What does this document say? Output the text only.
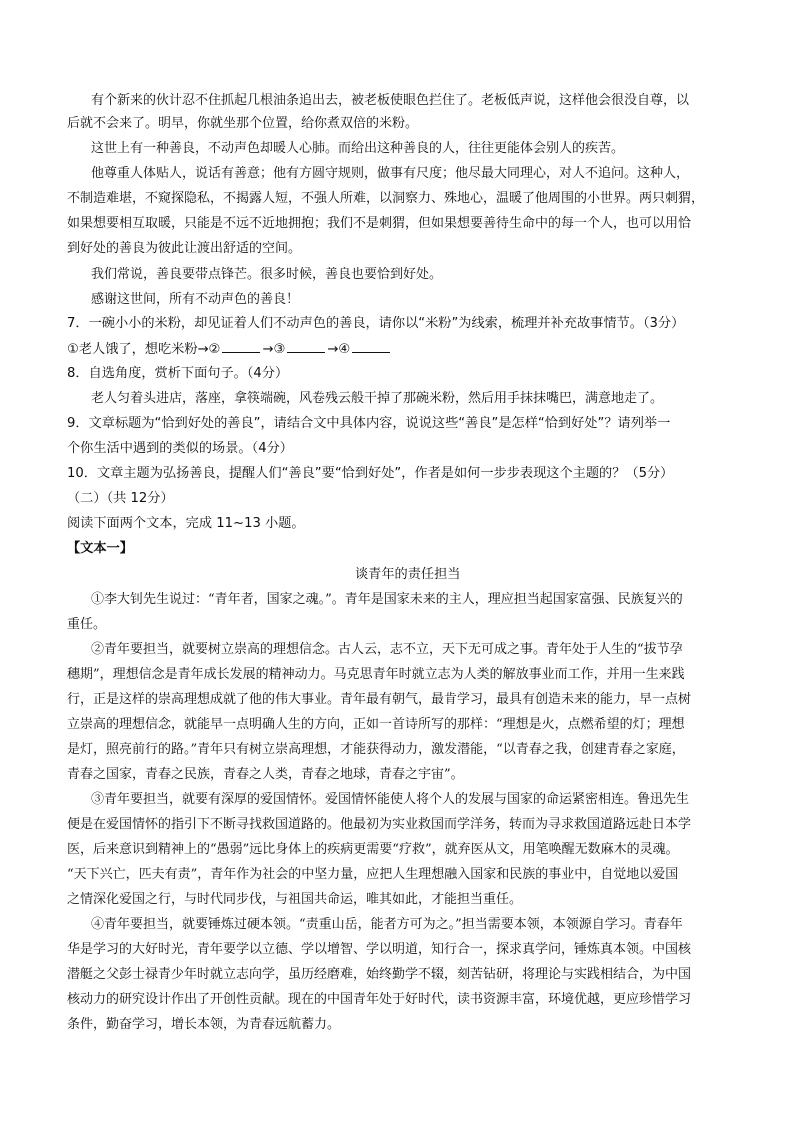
有个新来的伙计忍不住抓起几根油条追出去，被老板使眼色拦住了。老板低声说，这样他会很没自尊，以
后就不会来了。明早，你就坐那个位置，给你煮双倍的米粉。
这世上有一种善良，不动声色却暖人心肺。而给出这种善良的人，往往更能体会别人的疾苦。
他尊重人体贴人，说话有善意；他有方圆守规则，做事有尺度；他尽最大同理心，对人不追问。这种人，
不制造难堪，不窥探隐私，不揭露人短，不强人所难，以洞察力、殊地心，温暖了他周围的小世界。两只刺猬，
如果想要相互取暖，只能是不远不近地拥抱；我们不是刺猬，但如果想要善待生命中的每一个人，也可以用恰
到好处的善良为彼此让渡出舒适的空间。
我们常说，善良要带点锋芒。很多时候，善良也要恰到好处。
感谢这世间，所有不动声色的善良！
7．一碗小小的米粉，却见证着人们不动声色的善良，请你以“米粉”为线索，梳理并补充故事情节。（3分）
①老人饿了，想吃米粉→②	→③	→④
8．自选角度，赏析下面句子。（4分）
老人匀着头进店，落座，拿筷端碗，风卷残云般干掉了那碗米粉，然后用手抹抹嘴巴，满意地走了。
9．文章标题为“恰到好处的善良”，请结合文中具体内容，说说这些“善良”是怎样“恰到好处”？请列举一
个你生活中遇到的类似的场景。（4分）
10．文章主题为弘扬善良，提醒人们“善良”要“恰到好处”，作者是如何一步步表现这个主题的？（5分）
（二）（共 12分）
阅读下面两个文本，完成 11~13 小题。
【文本一】
谈青年的责任担当
①李大钊先生说过：“青年者，国家之魂。”。青年是国家未来的主人，理应担当起国家富强、民族复兴的
重任。
②青年要担当，就要树立崇高的理想信念。古人云，志不立，天下无可成之事。青年处于人生的“拔节孕
穗期”，理想信念是青年成长发展的精神动力。马克思青年时就立志为人类的解放事业而工作，并用一生来践
行，正是这样的崇高理想成就了他的伟大事业。青年最有朝气，最肯学习，最具有创造未来的能力，早一点树
立崇高的理想信念，就能早一点明确人生的方向，正如一首诗所写的那样：“理想是火，点燃希望的灯；理想
是灯，照亮前行的路。”青年只有树立崇高理想，才能获得动力，激发潜能，“以青春之我，创建青春之家庭，
青春之国家，青春之民族，青春之人类，青春之地球，青春之宇宙”。
③青年要担当，就要有深厚的爱国情怀。爱国情怀能使人将个人的发展与国家的命运紧密相连。鲁迅先生
便是在爱国情怀的指引下不断寻找救国道路的。他最初为实业救国而学洋务，转而为寻求救国道路远赴日本学
医，后来意识到精神上的“愚弱”远比身体上的疾病更需要“疗救”，就弃医从文，用笔唤醒无数麻木的灵魂。
“天下兴亡，匹夫有责”，青年作为社会的中坚力量，应把人生理想融入国家和民族的事业中，自觉地以爱国
之情深化爱国之行，与时代同步伐，与祖国共命运，唯其如此，才能担当重任。
④青年要担当，就要锤炼过硬本领。“责重山岳，能者方可为之。”担当需要本领，本领源自学习。青春年
华是学习的大好时光，青年要学以立德、学以增智、学以明道，知行合一，探求真学问，锤炼真本领。中国核
潜艇之父彭士禄青少年时就立志向学，虽历经磨难，始终勤学不辍，刻苦钻研，将理论与实践相结合，为中国
核动力的研究设计作出了开创性贡献。现在的中国青年处于好时代，读书资源丰富，环境优越，更应珍惜学习
条件，勤奋学习，增长本领，为青春远航蓄力。
